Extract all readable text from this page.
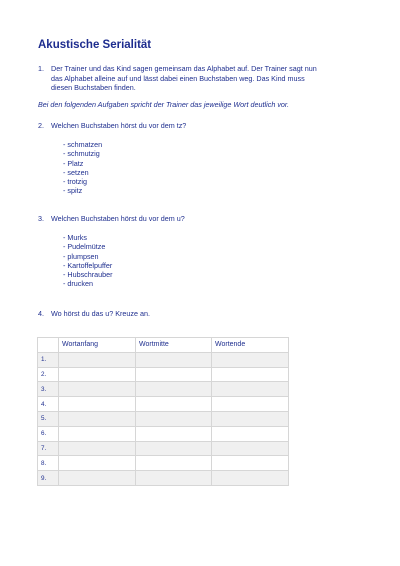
Akustische Serialität
1. Der Trainer und das Kind sagen gemeinsam das Alphabet auf. Der Trainer sagt nun
das Alphabet alleine auf und lässt dabei einen Buchstaben weg. Das Kind muss
diesen Buchstaben finden.
Bei den folgenden Aufgaben spricht der Trainer das jeweilige Wort deutlich vor.
2. Welchen Buchstaben hörst du vor dem tz?
- schmatzen
- schmutzig
- Platz
- setzen
- trotzig
- spitz
3. Welchen Buchstaben hörst du vor dem u?
- Murks
- Pudelmütze
- plumpsen
- Kartoffelpuffer
- Hubschrauber
- drucken
4. Wo hörst du das u? Kreuze an.
	Wortanfang	Wortmitte	Wortende
1.			
2.			
3.			
4.			
5.			
6.			
7.			
8.			
9.			
